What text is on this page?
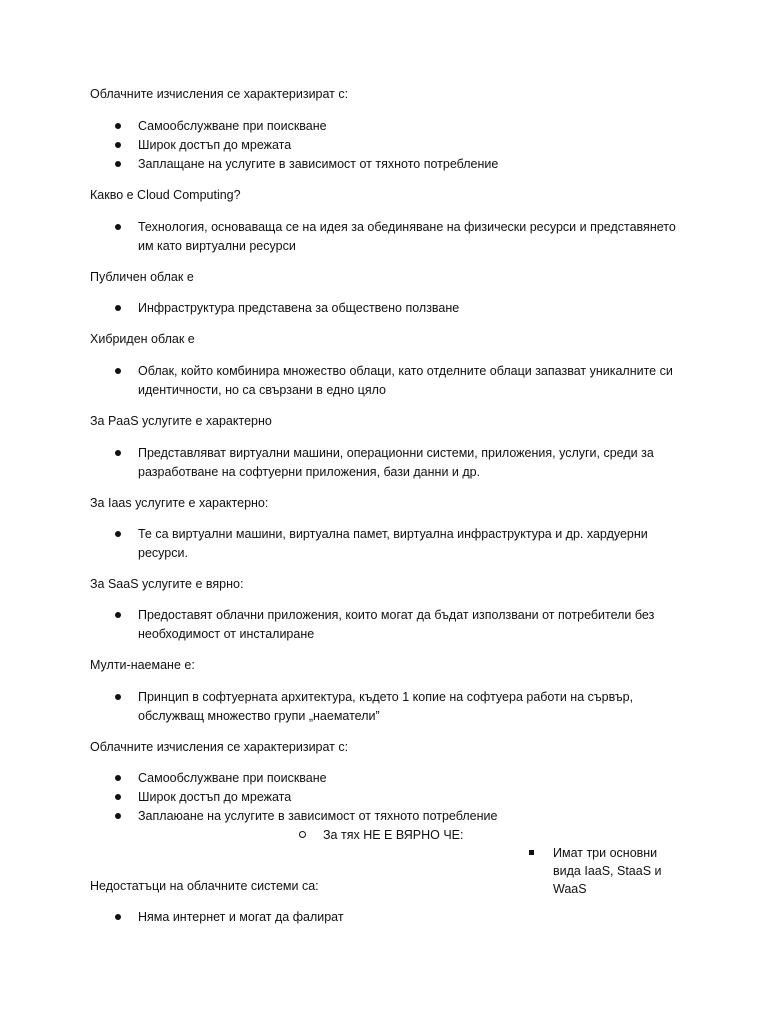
Облачните изчисления се характеризират с:

Самообслужване при поискване
Широк достъп до мрежата
Заплащане на услугите в зависимост от тяхното потребление

Какво е Cloud Computing?

Технология, основаваща се на идея за обединяване на физически ресурси и представянето им като виртуални ресурси

Публичен облак е

Инфраструктура представена за обществено ползване

Хибриден облак е

Облак, който комбинира множество облаци, като отделните облаци запазват уникалните си идентичности, но са свързани в едно цяло

За PaaS услугите е характерно

Представляват виртуални машини, операционни системи, приложения, услуги, среди за разработване на софтуерни приложения, бази данни и др.

За Iaas услугите е характерно:

Те са виртуални машини, виртуална памет, виртуална инфраструктура и др. хардуерни ресурси.

За SaaS услугите е вярно:

Предоставят облачни приложения, които могат да бъдат използвани от потребители без необходимост от инсталиране

Мулти-наемане е:

Принцип в софтуерната архитектура, където 1 копие на софтуера работи на сървър, обслужващ множество групи „наематели”

Облачните изчисления се характеризират с:

Самообслужване при поискване
Широк достъп до мрежата
Заплаюане на услугите в зависимост от тяхното потребление
За тях НЕ Е ВЯРНО ЧЕ:
Имат три основни вида IaaS, StaaS и WaaS

Недостатъци на облачните системи са:

Няма интернет и могат да фалират
